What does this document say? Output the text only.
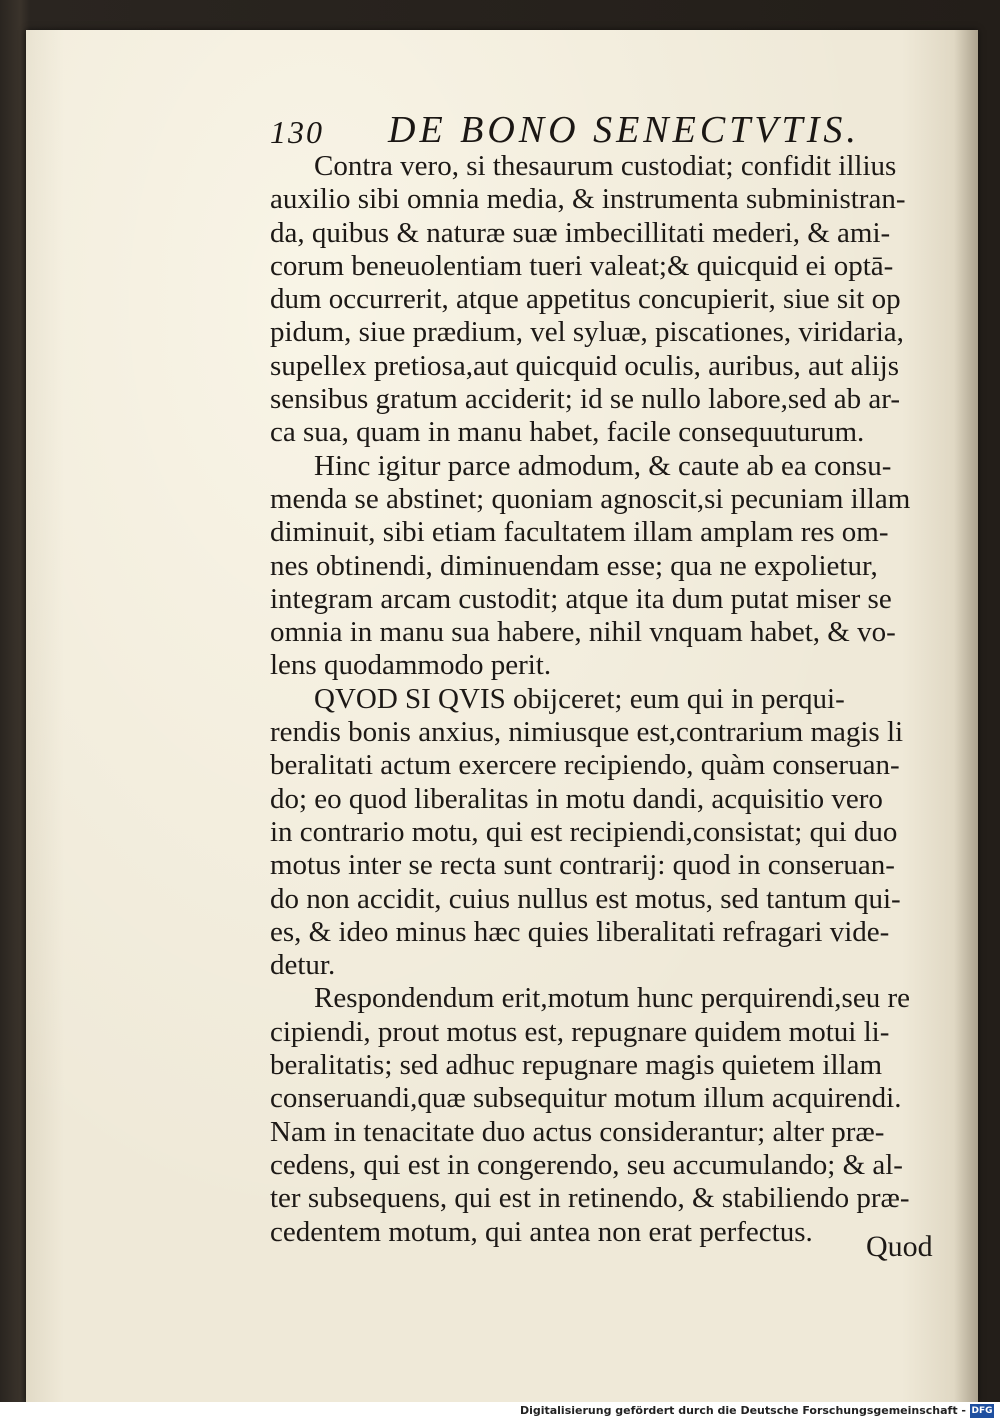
130 DE BONO SENECTVTIS.
Contra vero, si thesaurum custodiat; confidit illius
auxilio sibi omnia media, & instrumenta subministran-
da, quibus & naturæ suæ imbecillitati mederi, & ami-
corum beneuolentiam tueri valeat;& quicquid ei optā-
dum occurrerit, atque appetitus concupierit, siue sit op
pidum, siue prædium, vel syluæ, piscationes, viridaria,
supellex pretiosa,aut quicquid oculis, auribus, aut alijs
sensibus gratum acciderit; id se nullo labore,sed ab ar-
ca sua, quam in manu habet, facile consequuturum.
Hinc igitur parce admodum, & caute ab ea consu-
menda se abstinet; quoniam agnoscit,si pecuniam illam
diminuit, sibi etiam facultatem illam amplam res om-
nes obtinendi, diminuendam esse; qua ne expolietur,
integram arcam custodit; atque ita dum putat miser se
omnia in manu sua habere, nihil vnquam habet, & vo-
lens quodammodo perit.
QVOD SI QVIS obijceret; eum qui in perqui-
rendis bonis anxius, nimiusque est,contrarium magis li
beralitati actum exercere recipiendo, quàm conseruan-
do; eo quod liberalitas in motu dandi, acquisitio vero
in contrario motu, qui est recipiendi,consistat; qui duo
motus inter se recta sunt contrarij: quod in conseruan-
do non accidit, cuius nullus est motus, sed tantum qui-
es, & ideo minus hæc quies liberalitati refragari vide-
detur.
Respondendum erit,motum hunc perquirendi,seu re
cipiendi, prout motus est, repugnare quidem motui li-
beralitatis; sed adhuc repugnare magis quietem illam
conseruandi,quæ subsequitur motum illum acquirendi.
Nam in tenacitate duo actus considerantur; alter præ-
cedens, qui est in congerendo, seu accumulando; & al-
ter subsequens, qui est in retinendo, & stabiliendo præ-
cedentem motum, qui antea non erat perfectus.	Quod
Digitalisierung gefördert durch die Deutsche Forschungsgemeinschaft - DFG
